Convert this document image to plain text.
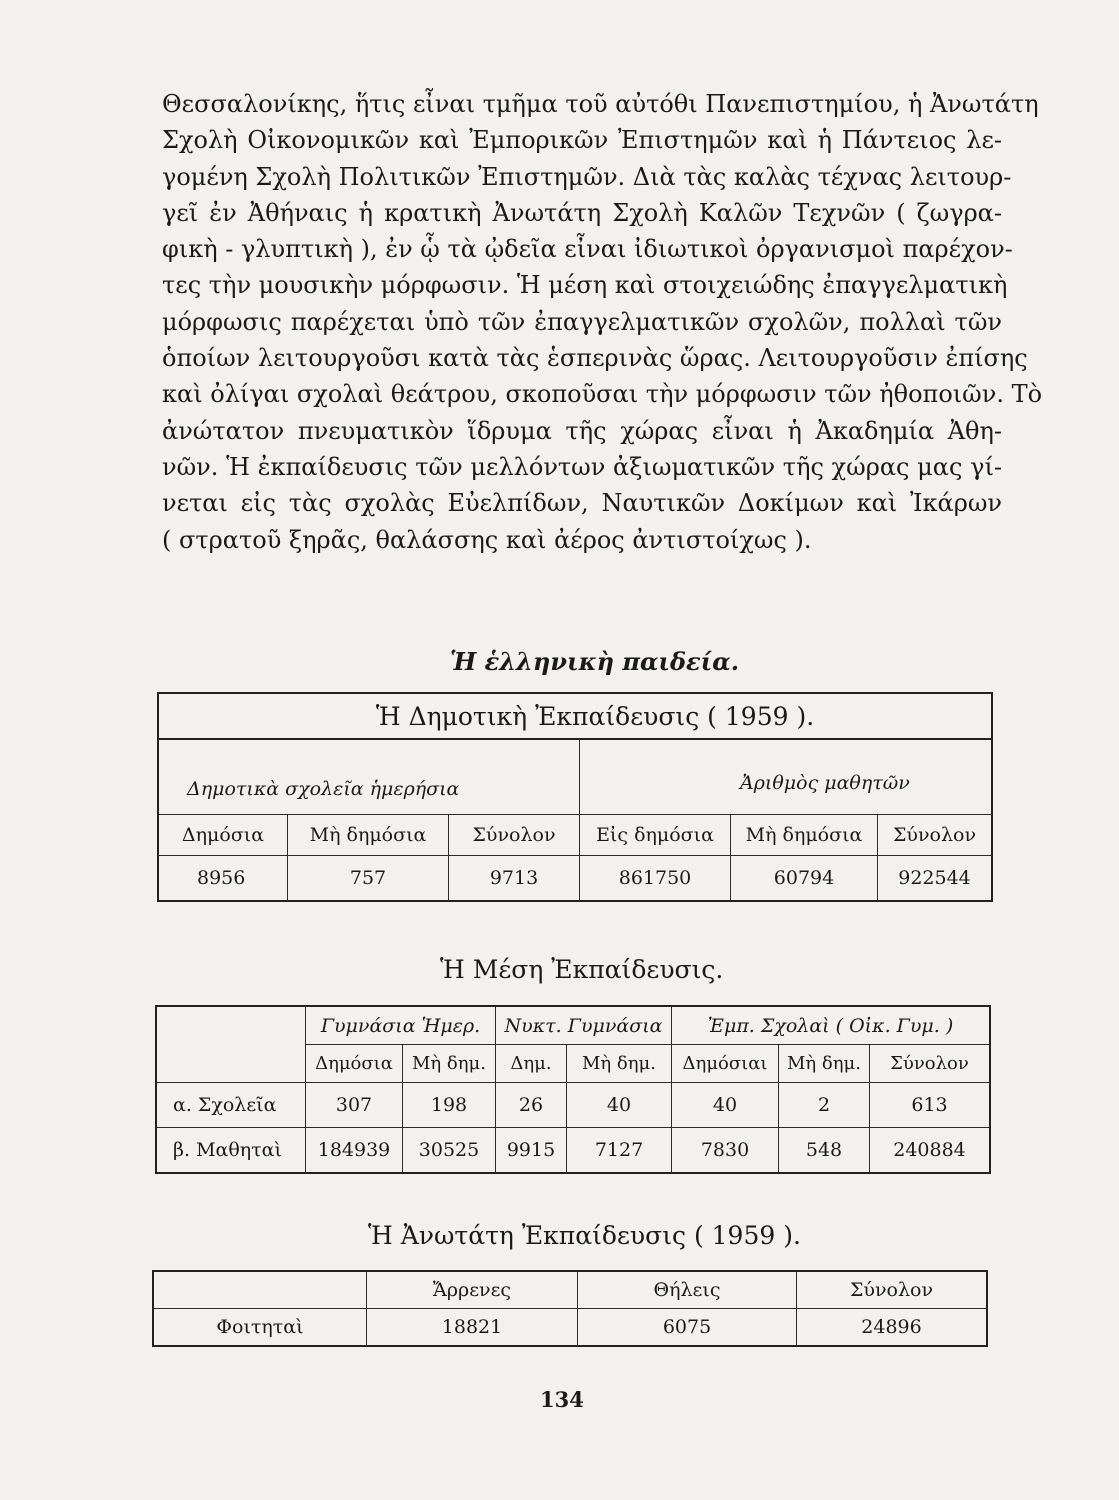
Θεσσαλονίκης, ἥτις εἶναι τμῆμα τοῦ αὐτόθι Πανεπιστημίου, ἡ Ἀνωτάτη
Σχολὴ Οἰκονομικῶν καὶ Ἐμπορικῶν Ἐπιστημῶν καὶ ἡ Πάντειος λε-
γομένη Σχολὴ Πολιτικῶν Ἐπιστημῶν. Διὰ τὰς καλὰς τέχνας λειτουρ-
γεῖ ἐν Ἀθήναις ἡ κρατικὴ Ἀνωτάτη Σχολὴ Καλῶν Τεχνῶν ( ζωγρα-
φικὴ - γλυπτικὴ ), ἐν ᾧ τὰ ᾠδεῖα εἶναι ἰδιωτικοὶ ὀργανισμοὶ παρέχον-
τες τὴν μουσικὴν μόρφωσιν. Ἡ μέση καὶ στοιχειώδης ἐπαγγελματικὴ
μόρφωσις παρέχεται ὑπὸ τῶν ἐπαγγελματικῶν σχολῶν, πολλαὶ τῶν
ὁποίων λειτουργοῦσι κατὰ τὰς ἑσπερινὰς ὥρας. Λειτουργοῦσιν ἐπίσης
καὶ ὀλίγαι σχολαὶ θεάτρου, σκοποῦσαι τὴν μόρφωσιν τῶν ἠθοποιῶν. Τὸ
ἀνώτατον πνευματικὸν ἵδρυμα τῆς χώρας εἶναι ἡ Ἀκαδημία Ἀθη-
νῶν. Ἡ ἐκπαίδευσις τῶν μελλόντων ἀξιωματικῶν τῆς χώρας μας γί-
νεται εἰς τὰς σχολὰς Εὐελπίδων, Ναυτικῶν Δοκίμων καὶ Ἰκάρων
( στρατοῦ ξηρᾶς, θαλάσσης καὶ ἀέρος ἀντιστοίχως ).
Ἡ ἑλληνικὴ παιδεία.
Ἡ Δημοτικὴ Ἐκπαίδευσις ( 1959 ).					
Δημοτικὰ σχολεῖα ἡμερήσια			Ἀριθμὸς μαθητῶν		
Δημόσια	Μὴ δημόσια	Σύνολον	Εἰς δημόσια	Μὴ δημόσια	Σύνολον
8956	757	9713	861750	60794	922544
Ἡ Μέση Ἐκπαίδευσις.
	Γυμνάσια Ἡμερ.		Νυκτ. Γυμνάσια		Ἐμπ. Σχολαὶ ( Οἰκ. Γυμ. )		
	Δημόσια	Μὴ δημ.	Δημ.	Μὴ δημ.	Δημόσιαι	Μὴ δημ.	Σύνολον
α. Σχολεῖα	307	198	26	40	40	2	613
β. Μαθηταὶ	184939	30525	9915	7127	7830	548	240884
Ἡ Ἀνωτάτη Ἐκπαίδευσις ( 1959 ).
	Ἄρρενες	Θήλεις	Σύνολον
Φοιτηταὶ	18821	6075	24896
134
